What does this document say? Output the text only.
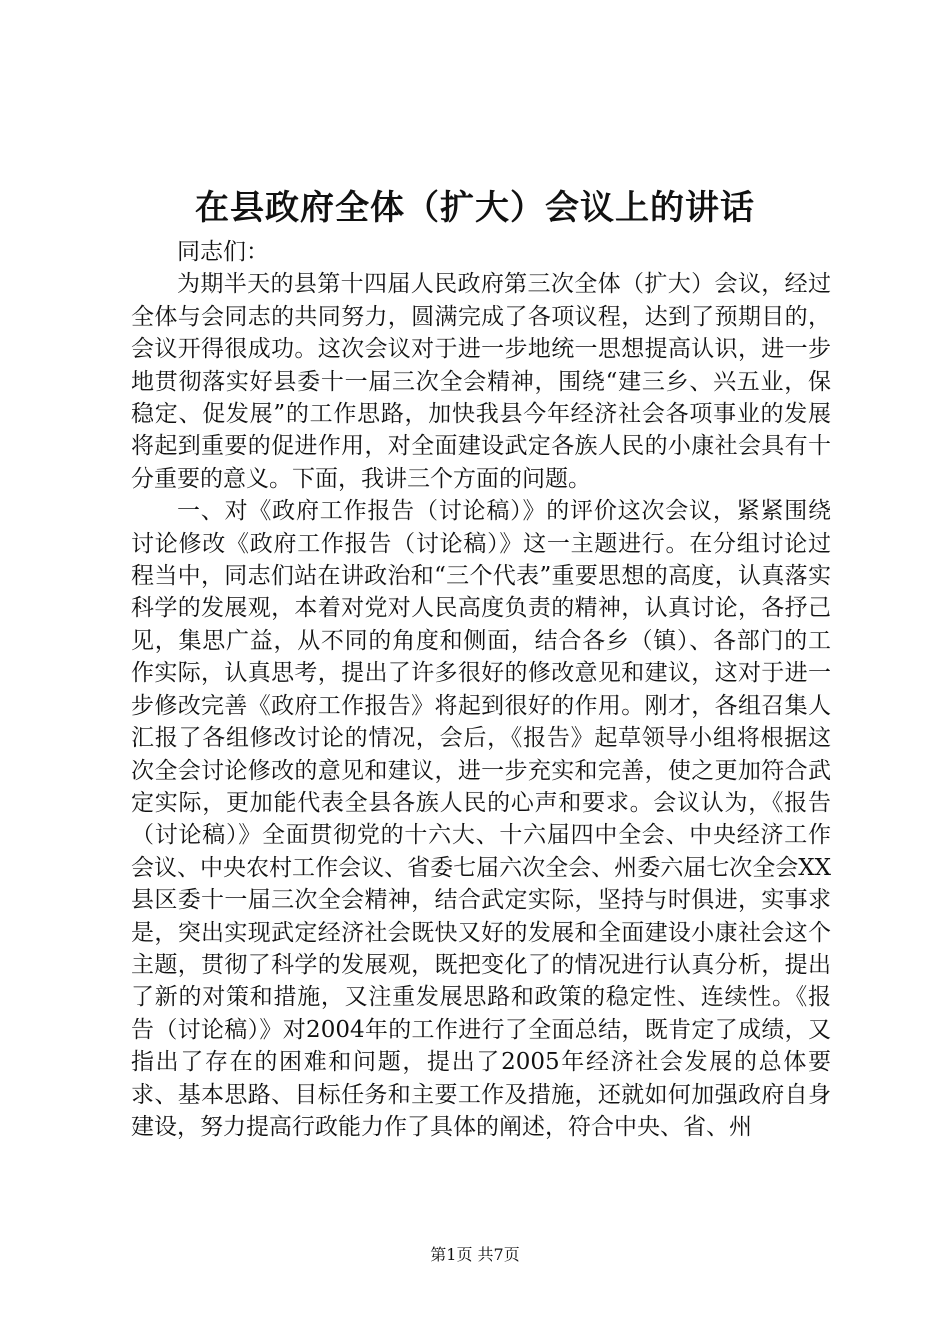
在县政府全体（扩大）会议上的讲话

同志们：

为期半天的县第十四届人民政府第三次全体（扩大）会议，经过全体与会同志的共同努力，圆满完成了各项议程，达到了预期目的，会议开得很成功。这次会议对于进一步地统一思想提高认识，进一步地贯彻落实好县委十一届三次全会精神，围绕“建三乡、兴五业，保稳定、促发展”的工作思路，加快我县今年经济社会各项事业的发展将起到重要的促进作用，对全面建设武定各族人民的小康社会具有十分重要的意义。下面，我讲三个方面的问题。

一、对《政府工作报告（讨论稿）》的评价这次会议，紧紧围绕讨论修改《政府工作报告（讨论稿）》这一主题进行。在分组讨论过程当中，同志们站在讲政治和“三个代表”重要思想的高度，认真落实科学的发展观，本着对党对人民高度负责的精神，认真讨论，各抒己见，集思广益，从不同的角度和侧面，结合各乡（镇）、各部门的工作实际，认真思考，提出了许多很好的修改意见和建议，这对于进一步修改完善《政府工作报告》将起到很好的作用。刚才，各组召集人汇报了各组修改讨论的情况，会后，《报告》起草领导小组将根据这次全会讨论修改的意见和建议，进一步充实和完善，使之更加符合武定实际，更加能代表全县各族人民的心声和要求。会议认为，《报告（讨论稿）》全面贯彻党的十六大、十六届四中全会、中央经济工作会议、中央农村工作会议、省委七届六次全会、州委六届七次全会XX县区委十一届三次全会精神，结合武定实际，坚持与时俱进，实事求是，突出实现武定经济社会既快又好的发展和全面建设小康社会这个主题，贯彻了科学的发展观，既把变化了的情况进行认真分析，提出了新的对策和措施，又注重发展思路和政策的稳定性、连续性。《报告（讨论稿）》对2004年的工作进行了全面总结，既肯定了成绩，又指出了存在的困难和问题，提出了2005年经济社会发展的总体要求、基本思路、目标任务和主要工作及措施，还就如何加强政府自身建设，努力提高行政能力作了具体的阐述，符合中央、省、州

第1页 共7页
